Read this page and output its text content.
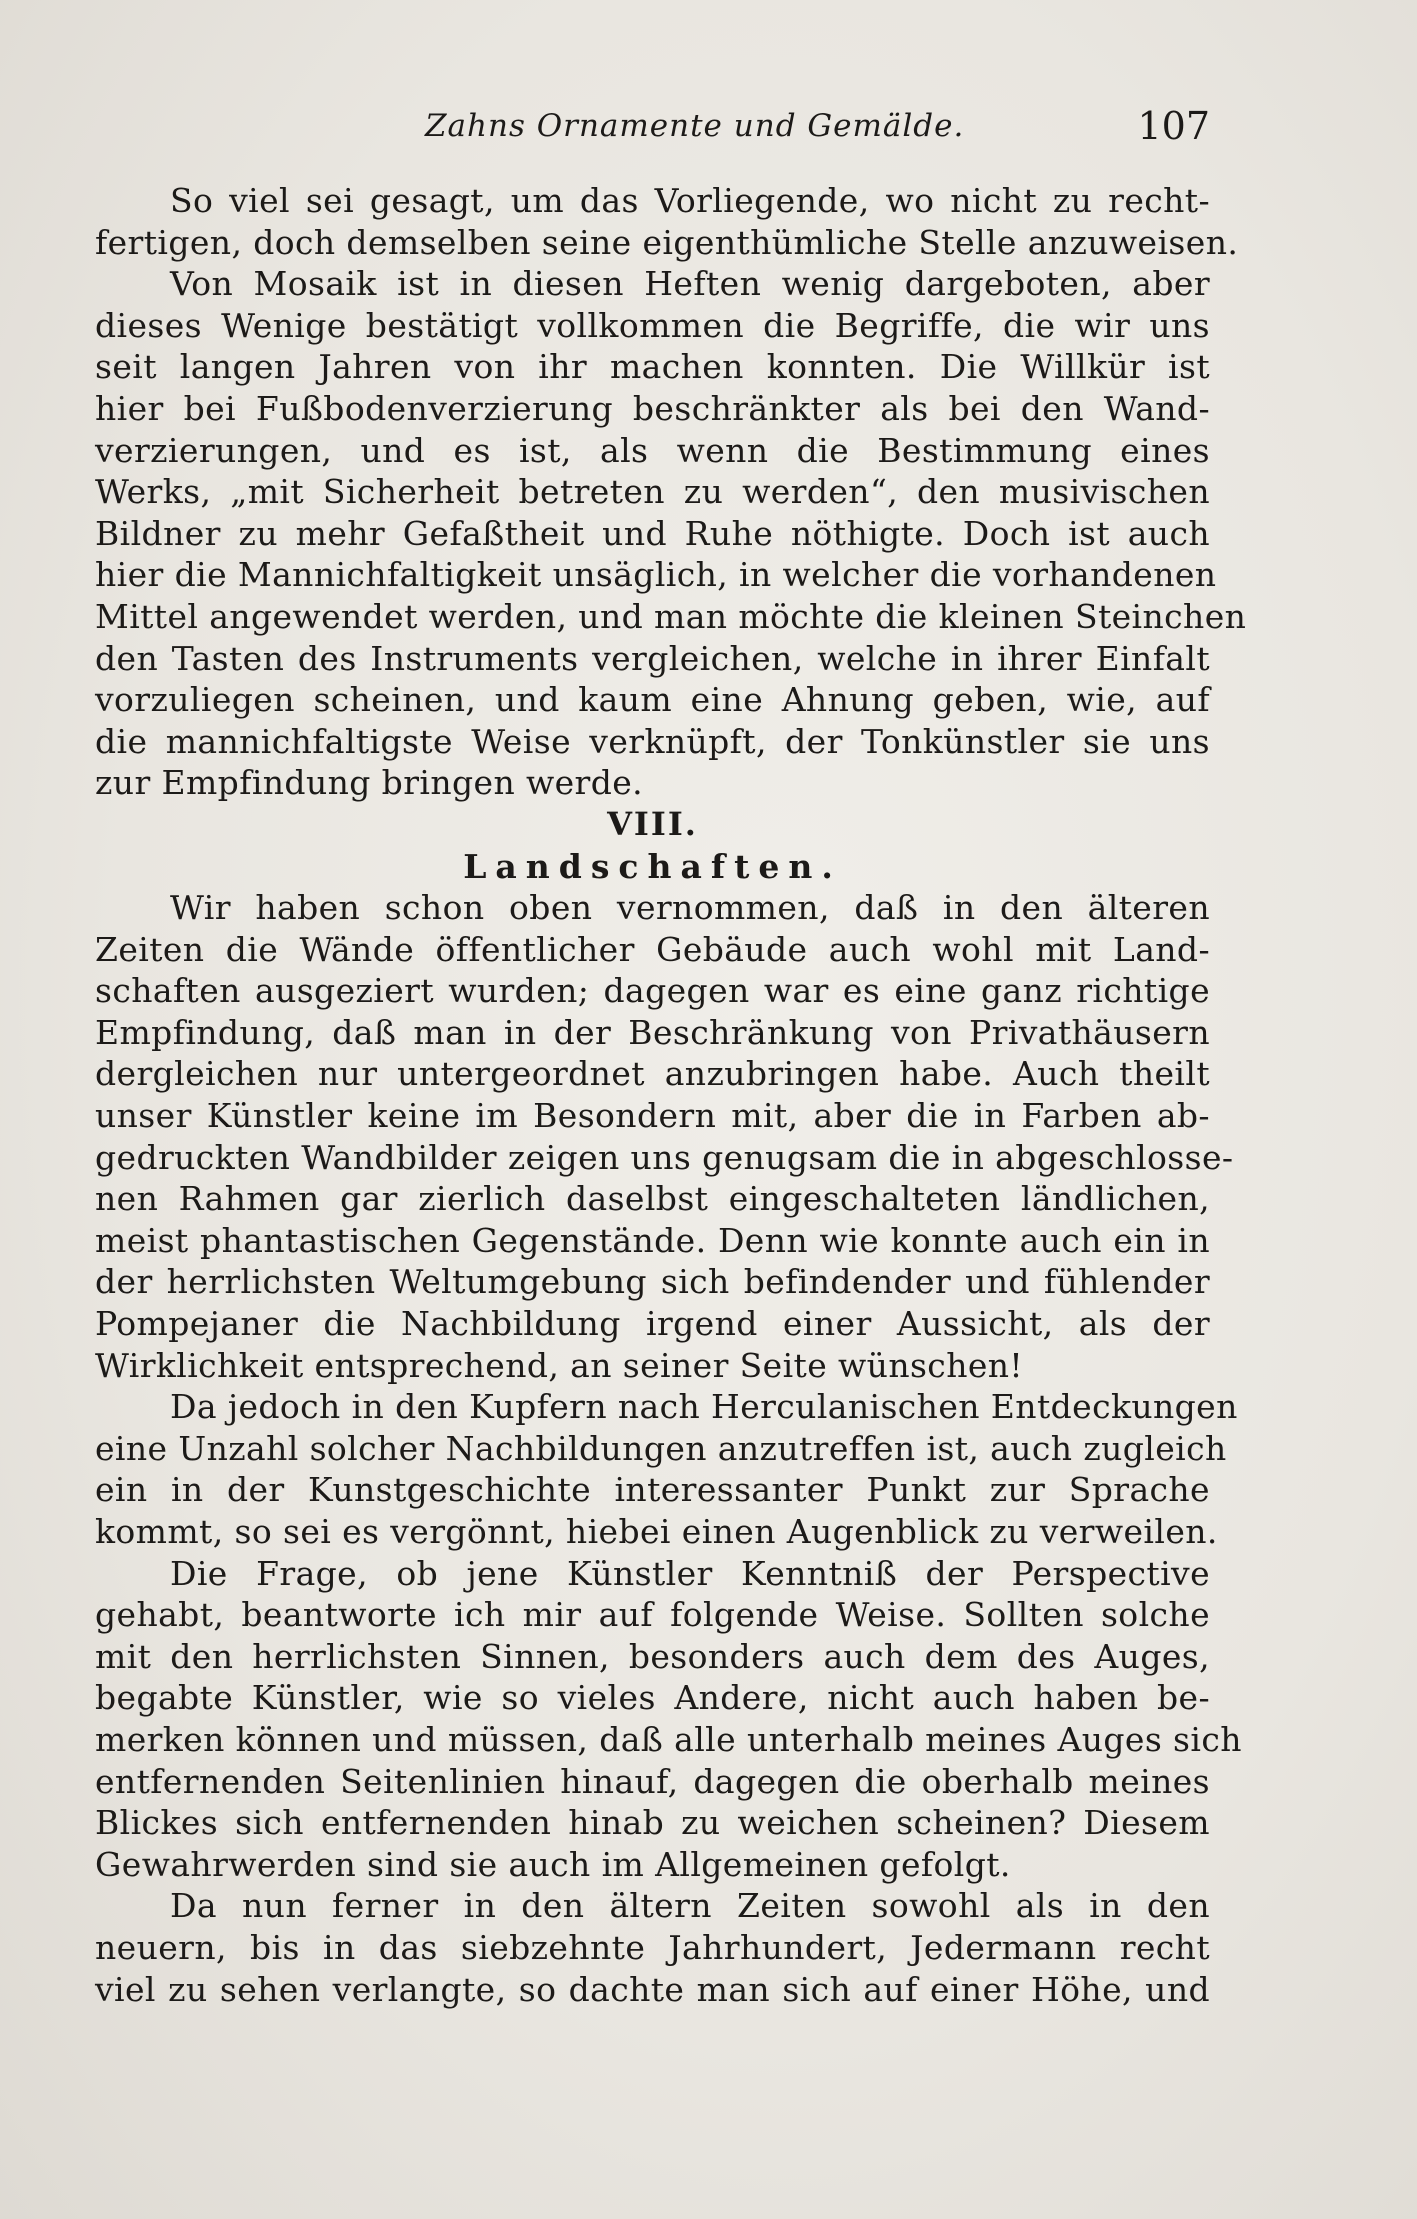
Zahns Ornamente und Gemälde.	107
So viel sei gesagt, um das Vorliegende, wo nicht zu recht-
fertigen, doch demselben seine eigenthümliche Stelle anzuweisen.
Von Mosaik ist in diesen Heften wenig dargeboten, aber
dieses Wenige bestätigt vollkommen die Begriffe, die wir uns
seit langen Jahren von ihr machen konnten. Die Willkür ist
hier bei Fußbodenverzierung beschränkter als bei den Wand-
verzierungen, und es ist, als wenn die Bestimmung eines
Werks, „mit Sicherheit betreten zu werden“, den musivischen
Bildner zu mehr Gefaßtheit und Ruhe nöthigte. Doch ist auch
hier die Mannichfaltigkeit unsäglich, in welcher die vorhandenen
Mittel angewendet werden, und man möchte die kleinen Steinchen
den Tasten des Instruments vergleichen, welche in ihrer Einfalt
vorzuliegen scheinen, und kaum eine Ahnung geben, wie, auf
die mannichfaltigste Weise verknüpft, der Tonkünstler sie uns
zur Empfindung bringen werde.
VIII.
Landschaften.
Wir haben schon oben vernommen, daß in den älteren
Zeiten die Wände öffentlicher Gebäude auch wohl mit Land-
schaften ausgeziert wurden; dagegen war es eine ganz richtige
Empfindung, daß man in der Beschränkung von Privathäusern
dergleichen nur untergeordnet anzubringen habe. Auch theilt
unser Künstler keine im Besondern mit, aber die in Farben ab-
gedruckten Wandbilder zeigen uns genugsam die in abgeschlosse-
nen Rahmen gar zierlich daselbst eingeschalteten ländlichen,
meist phantastischen Gegenstände. Denn wie konnte auch ein in
der herrlichsten Weltumgebung sich befindender und fühlender
Pompejaner die Nachbildung irgend einer Aussicht, als der
Wirklichkeit entsprechend, an seiner Seite wünschen!
Da jedoch in den Kupfern nach Herculanischen Entdeckungen
eine Unzahl solcher Nachbildungen anzutreffen ist, auch zugleich
ein in der Kunstgeschichte interessanter Punkt zur Sprache
kommt, so sei es vergönnt, hiebei einen Augenblick zu verweilen.
Die Frage, ob jene Künstler Kenntniß der Perspective
gehabt, beantworte ich mir auf folgende Weise. Sollten solche
mit den herrlichsten Sinnen, besonders auch dem des Auges,
begabte Künstler, wie so vieles Andere, nicht auch haben be-
merken können und müssen, daß alle unterhalb meines Auges sich
entfernenden Seitenlinien hinauf, dagegen die oberhalb meines
Blickes sich entfernenden hinab zu weichen scheinen? Diesem
Gewahrwerden sind sie auch im Allgemeinen gefolgt.
Da nun ferner in den ältern Zeiten sowohl als in den
neuern, bis in das siebzehnte Jahrhundert, Jedermann recht
viel zu sehen verlangte, so dachte man sich auf einer Höhe, und
